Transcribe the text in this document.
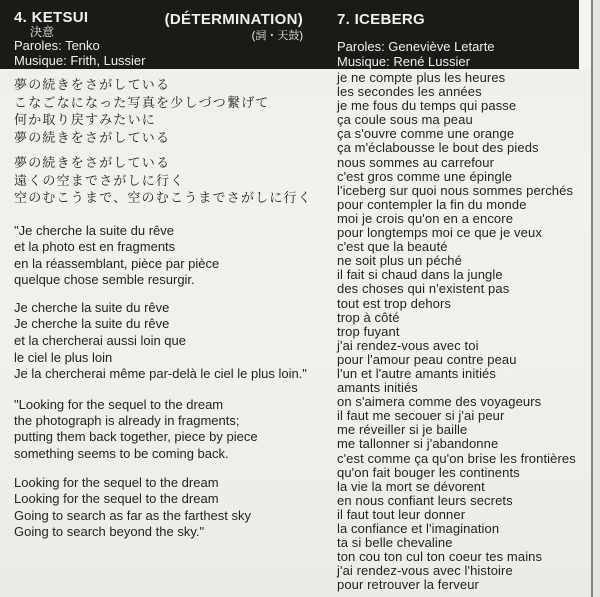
4. KETSUI
決意
Paroles: Tenko
Musique: Frith, Lussier
(DÉTERMINATION)
(詞・天鼓)
7. ICEBERG
Paroles: Geneviève Letarte
Musique: René Lussier
夢の続きをさがしている
こなごなになった写真を少しづつ繋げて
何か取り戻すみたいに
夢の続きをさがしている
夢の続きをさがしている
遠くの空までさがしに行く
空のむこうまで、空のむこうまでさがしに行く
"Je cherche la suite du rêve
et la photo est en fragments
en la réassemblant, pièce par pièce
quelque chose semble resurgir.
Je cherche la suite du rêve
Je cherche la suite du rêve
et la chercherai aussi loin que
le ciel le plus loin
Je la chercherai même par-delà le ciel le plus loin."
"Looking for the sequel to the dream
the photograph is already in fragments;
putting them back together, piece by piece
something seems to be coming back.
Looking for the sequel to the dream
Looking for the sequel to the dream
Going to search as far as the farthest sky
Going to search beyond the sky."
je ne compte plus les heures
les secondes les années
je me fous du temps qui passe
ça coule sous ma peau
ça s'ouvre comme une orange
ça m'éclabousse le bout des pieds
nous sommes au carrefour
c'est gros comme une épingle
l'iceberg sur quoi nous sommes perchés
pour contempler la fin du monde
moi je crois qu'on en a encore
pour longtemps moi ce que je veux
c'est que la beauté
ne soit plus un péché
il fait si chaud dans la jungle
des choses qui n'existent pas
tout est trop dehors
trop à côté
trop fuyant
j'ai rendez-vous avec toi
pour l'amour peau contre peau
l'un et l'autre amants initiés
amants initiés
on s'aimera comme des voyageurs
il faut me secouer si j'ai peur
me réveiller si je baille
me tallonner si j'abandonne
c'est comme ça qu'on brise les frontières
qu'on fait bouger les continents
la vie la mort se dévorent
en nous confiant leurs secrets
il faut tout leur donner
la confiance et l'imagination
ta si belle chevaline
ton cou ton cul ton coeur tes mains
j'ai rendez-vous avec l'histoire
pour retrouver la ferveur
